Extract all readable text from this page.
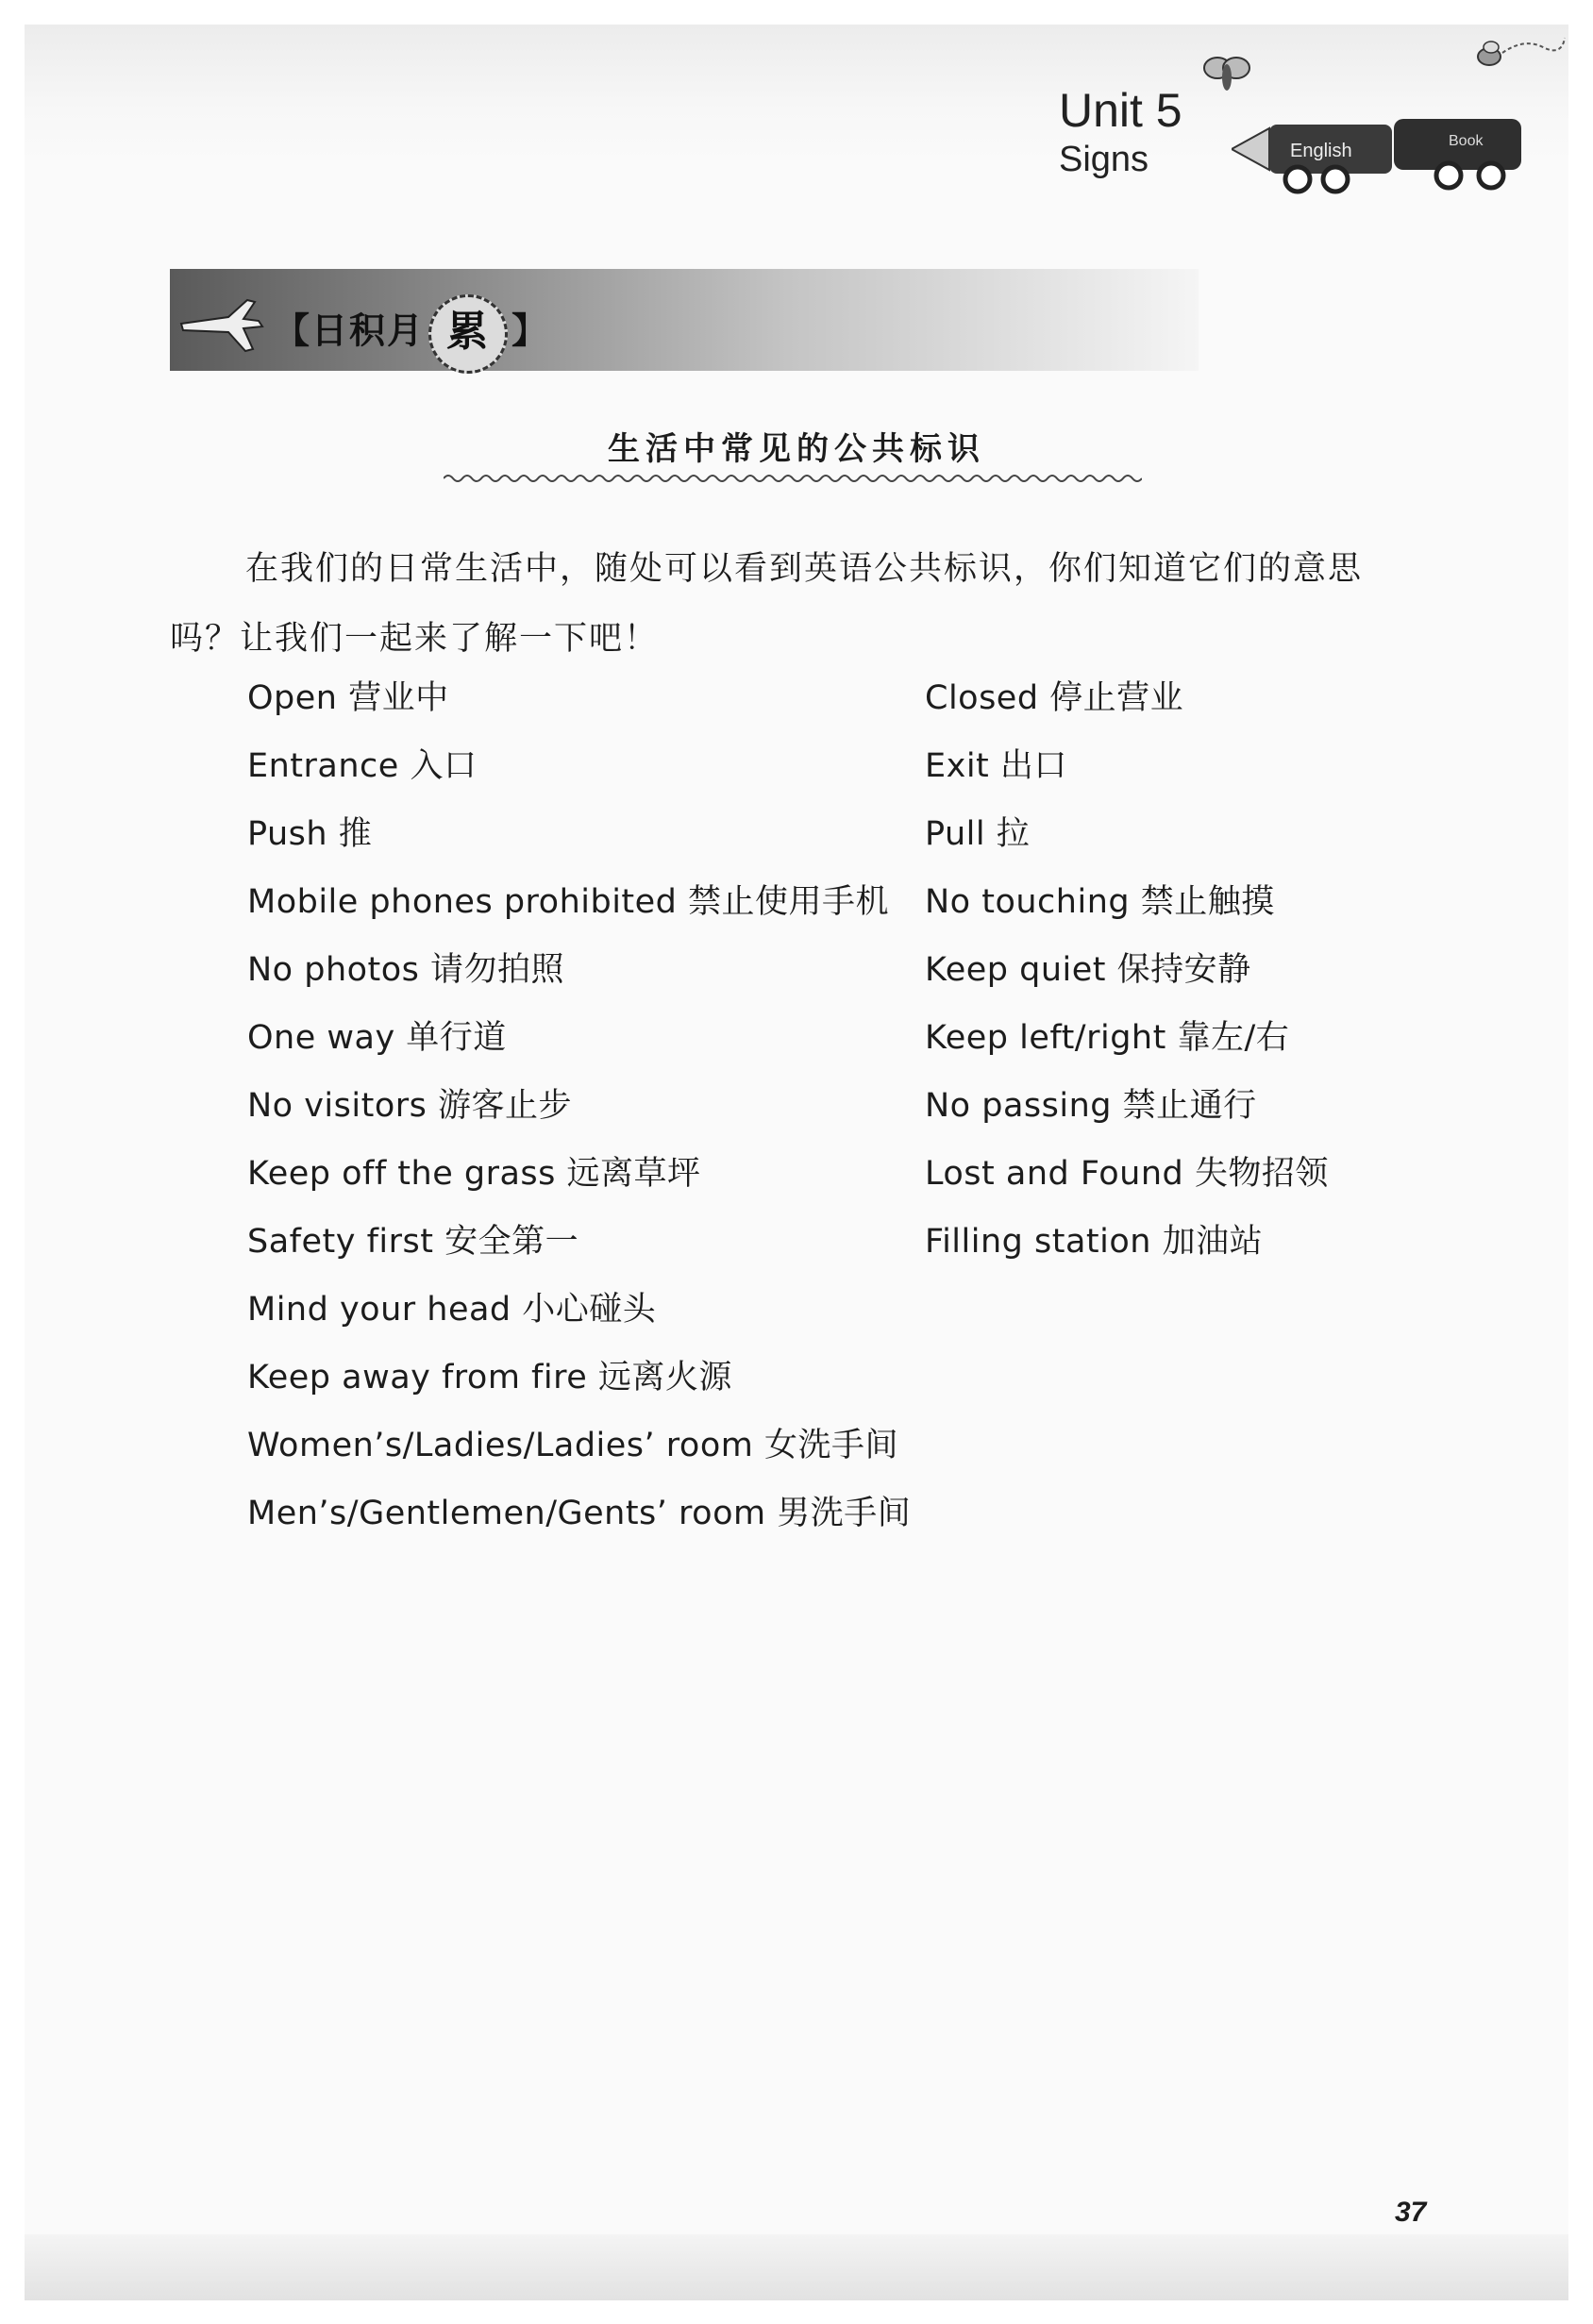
Unit 5
Signs	English	Book
【日积月 累 】
生活中常见的公共标识
在我们的日常生活中，随处可以看到英语公共标识，你们知道它们的意思吗？让我们一起来了解一下吧！
Open 营业中
Entrance 入口
Push 推
Mobile phones prohibited 禁止使用手机
No photos 请勿拍照
One way 单行道
No visitors 游客止步
Keep off the grass 远离草坪
Safety first 安全第一
Mind your head 小心碰头
Keep away from fire 远离火源
Women’s/Ladies/Ladies’ room 女洗手间
Men’s/Gentlemen/Gents’ room 男洗手间
Closed 停止营业
Exit 出口
Pull 拉
No touching 禁止触摸
Keep quiet 保持安静
Keep left/right 靠左/右
No passing 禁止通行
Lost and Found 失物招领
Filling station 加油站
37
